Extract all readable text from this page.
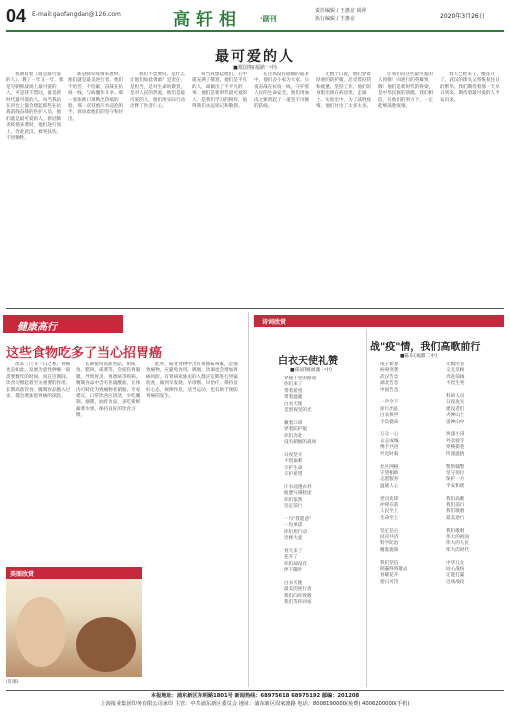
04 E-mail:gaofangdan@126.com	高轩相	·副刊
责任编辑 / 王惠京 胡萍
执行编辑 / 王惠京	2020年3月26日
最可爱的人
■郑国翔(福鼎一中)
我教育着《谁是最可爱的人》。教了一年又一年，那是写朝鲜战场上最可爱的人，可是我不禁问，谁是新时代最可爱的人。每当我站在讲台上都会想起那些在抗战前线奋战的医护人员，他们就是最可爱的人。新冠肺炎疫情来袭时，他们逆行而上，奔赴武汉，救死扶伤，不畏牺牲。
新冠肺炎疫情来袭时，他们就是最美逆行者。他们不怕苦，不怕累，奋战在抗疫一线，与病魔作斗争。那一张张被口罩勒出印痕的脸，那一双双被汗水浸泡的手，诉说着他们的坚守和付出。
我们不禁要问，是什么让他们如此勇敢？是责任，是担当，是对生命的敬畏，是对人民的热爱。他们是最可爱的人，他们用实际行动诠释了医者仁心。
每当我想起他们，心中就充满了敬意。他们是平凡的人，却做出了不平凡的事。他们是新时代最可爱的人，是我们学习的榜样，值得我们永远铭记和敬仰。
在这场没有硝烟的战争中，他们舍小家为大家，日夜奋战在抗疫一线，守护着人民的生命安全。他们用血肉之躯筑起了一道坚不可摧的防线。
无数个日夜，他们穿着厚重的防护服，忍受着闷热和疲惫，坚持工作。他们的身影出现在病房里、走廊上、实验室中，为了战胜疫情，他们付出了太多太多。
让我们向这些最可爱的人致敬！向逆行的英雄致敬！他们是新时代的脊梁，是中华民族的骄傲。我们相信，在他们的努力下，一定能够战胜疫情。
春天已经来了，樱花开了，武汉的街头又将恢复往日的繁华。我们期待着那一天早日到来，期待着最可爱的人平安归来。
健康高行
这些食物吃多了当心招胃癌
冰冻三尺非一日之寒，胃癌也是如此。发展为恶性肿瘤一般需要数年的时间，而在这期间，饮食习惯起着至关重要的作用。长期高盐饮食、腌制食品摄入过多，都会增加患胃癌的风险。
长期使用高盐食品，如咸鱼、腊肉、咸菜等，会损伤胃黏膜，导致胃炎、胃溃疡等疾病。腌制食品中含有亚硝酸盐，在体内可转化为致癌物亚硝胺。专家建议，日常饮食应清淡，少吃腌制、烟熏、油炸食品，多吃新鲜蔬菜水果，保持良好的饮食习惯。
此外，霉变食物中含有黄曲霉毒素，是强致癌物，应避免食用。吸烟、饮酒也会增加胃癌风险。有胃病家族史的人群应定期进行胃镜检查，做到早发现、早诊断、早治疗。保持良好心态，规律作息，适当运动，也有助于预防胃癌的发生。
美图欣赏
(阵嘟)
诗词欣赏
白衣天使礼赞
■郑国翔(福鼎一中)
穿越千里的路途
你们来了
带着希望
带着温暖
白衣天使
是黑夜里的光

戴着口罩
穿着防护服
你们奔赴
没有硝烟的战场

日夜坚守
不畏艰难
守护生命
守护希望

汗水浸透衣衫
疲惫写满脸庞
你们依然
坚定前行

一句"我愿意"
一份承诺
你们用行动
诠释大爱

春天来了
花开了
你们却没有
停下脚步

白衣天使
最美的逆行者
我们向你致敬
我们等你回家
战"疫"情，我们高歌前行
■陈东(福鼎二中)
庚子新春
病毒突袭
武汉告急
湖北告急
中国告急

一声令下
逆行出征
白衣执甲
不负使命

万众一心
众志成城
携手共进
共克时艰

社区网格
守望相助
志愿服务
温暖人心

党员先锋
冲锋在前
人民至上
生命至上

坚定信心
同舟共济
科学防治
精准施策

我们坚信
阴霾终将散去
春暖花开
指日可待
无数医者
义无反顾
奔赴前线
不畏生死

科研人员
日夜攻关
建设者们
火神山上
雷神山中

快递小哥
外卖骑手
穿梭街巷
传递温情

警察辅警
坚守岗位
保护一方
平安和谐

我们高歌
我们前行
我们歌唱
最美逆行

我们歌唱
伟大的祖国
伟大的人民
伟大的时代

中华儿女
同心战疫
定能打赢
这场战役
本报地址：浦东新区东明路1801号 新闻热线：68975618 68975192 邮编：201208
上海报业集团印务有限公司承印 主管：中共浦东新区委员会 地址：浦东新区周家渡路 电话：8008190000(免费) 4006200000(手机)
